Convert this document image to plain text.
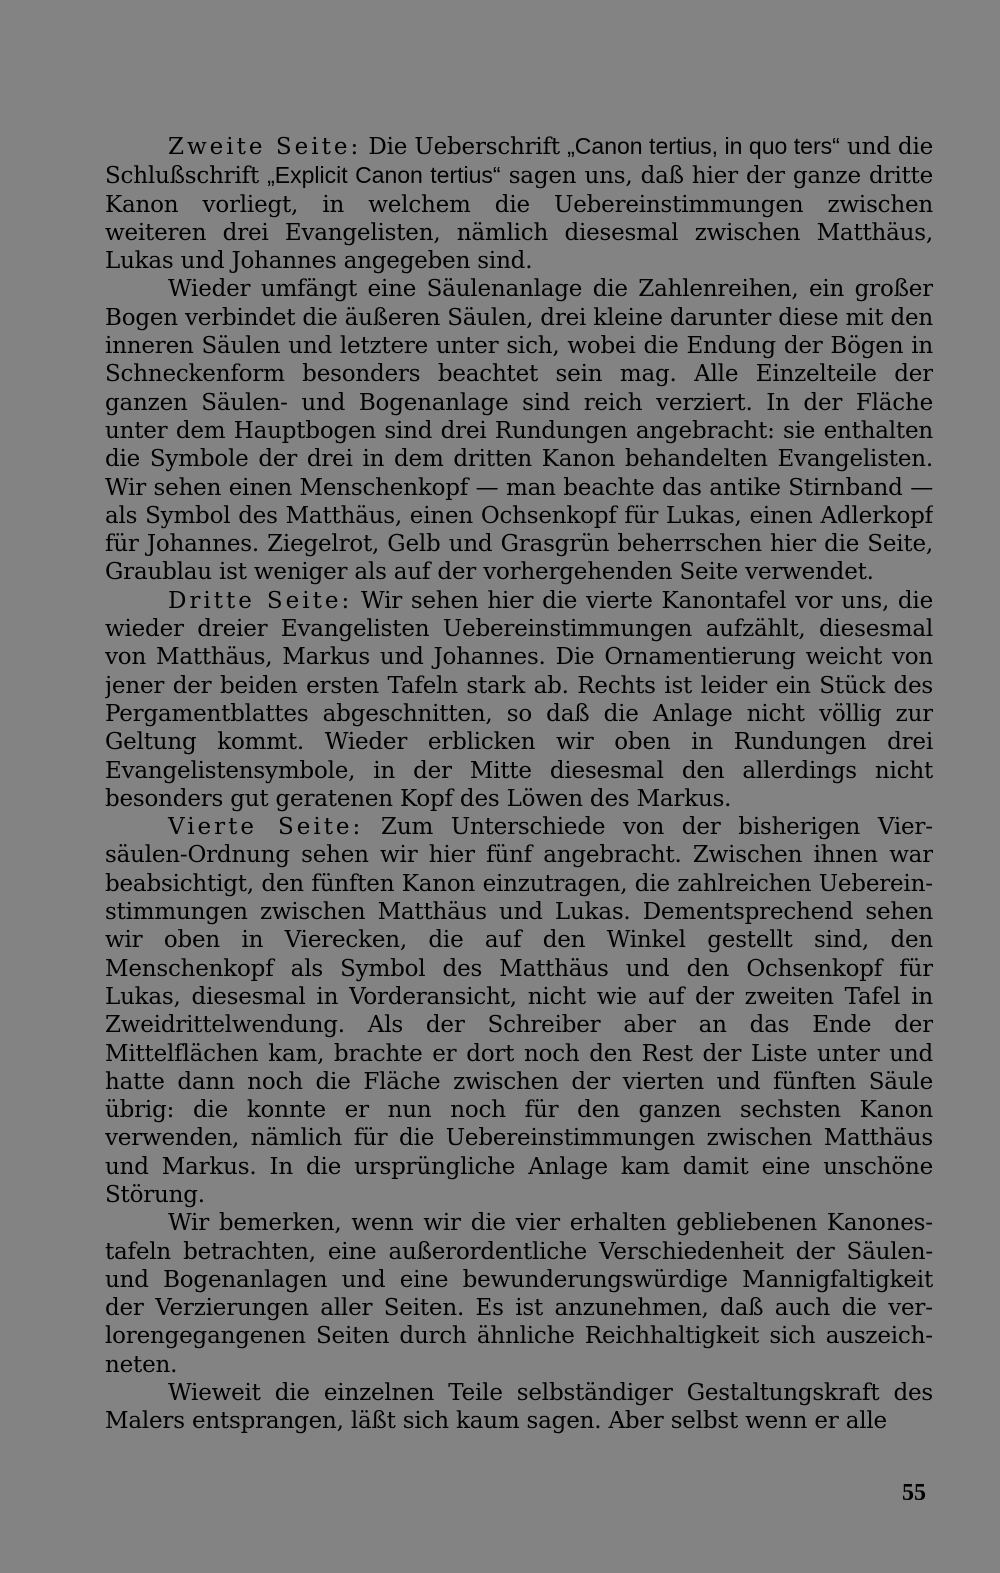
Zweite Seite: Die Ueberschrift „Canon tertius, in quo ters“ und die Schlußschrift „Explicit Canon tertius“ sagen uns, daß hier der ganze dritte Kanon vorliegt, in welchem die Uebereinstimmungen zwischen weiteren drei Evangelisten, nämlich diesesmal zwischen Matthäus, Lukas und Johannes angegeben sind.

Wieder umfängt eine Säulenanlage die Zahlenreihen, ein großer Bogen verbindet die äußeren Säulen, drei kleine darunter diese mit den inneren Säulen und letztere unter sich, wobei die Endung der Bögen in Schneckenform besonders beachtet sein mag. Alle Einzelteile der ganzen Säulen- und Bogenanlage sind reich verziert. In der Fläche unter dem Hauptbogen sind drei Rundungen angebracht: sie enthalten die Symbole der drei in dem dritten Kanon behandelten Evangelisten. Wir sehen einen Menschenkopf — man beachte das antike Stirnband — als Symbol des Matthäus, einen Ochsenkopf für Lukas, einen Adlerkopf für Johannes. Ziegelrot, Gelb und Grasgrün beherrschen hier die Seite, Graublau ist weniger als auf der vorhergehenden Seite verwendet.

Dritte Seite: Wir sehen hier die vierte Kanontafel vor uns, die wieder dreier Evangelisten Uebereinstimmungen aufzählt, diesesmal von Matthäus, Markus und Johannes. Die Ornamentierung weicht von jener der beiden ersten Tafeln stark ab. Rechts ist leider ein Stück des Pergamentblattes abgeschnitten, so daß die Anlage nicht völlig zur Geltung kommt. Wieder erblicken wir oben in Rundungen drei Evangelistensymbole, in der Mitte diesesmal den allerdings nicht besonders gut geratenen Kopf des Löwen des Markus.

Vierte Seite: Zum Unterschiede von der bisherigen Viersäulen-Ordnung sehen wir hier fünf angebracht. Zwischen ihnen war beabsichtigt, den fünften Kanon einzutragen, die zahlreichen Uebereinstimmungen zwischen Matthäus und Lukas. Dementsprechend sehen wir oben in Vierecken, die auf den Winkel gestellt sind, den Menschenkopf als Symbol des Matthäus und den Ochsenkopf für Lukas, diesesmal in Vorderansicht, nicht wie auf der zweiten Tafel in Zweidrittelwendung. Als der Schreiber aber an das Ende der Mittelflächen kam, brachte er dort noch den Rest der Liste unter und hatte dann noch die Fläche zwischen der vierten und fünften Säule übrig: die konnte er nun noch für den ganzen sechsten Kanon verwenden, nämlich für die Uebereinstimmungen zwischen Matthäus und Markus. In die ursprüngliche Anlage kam damit eine unschöne Störung.

Wir bemerken, wenn wir die vier erhalten gebliebenen Kanonestafeln betrachten, eine außerordentliche Verschiedenheit der Säulen- und Bogenanlagen und eine bewunderungswürdige Mannigfaltigkeit der Verzierungen aller Seiten. Es ist anzunehmen, daß auch die verlorengegangenen Seiten durch ähnliche Reichhaltigkeit sich auszeichneten.

Wieweit die einzelnen Teile selbständiger Gestaltungskraft des Malers entsprangen, läßt sich kaum sagen. Aber selbst wenn er alle

55
